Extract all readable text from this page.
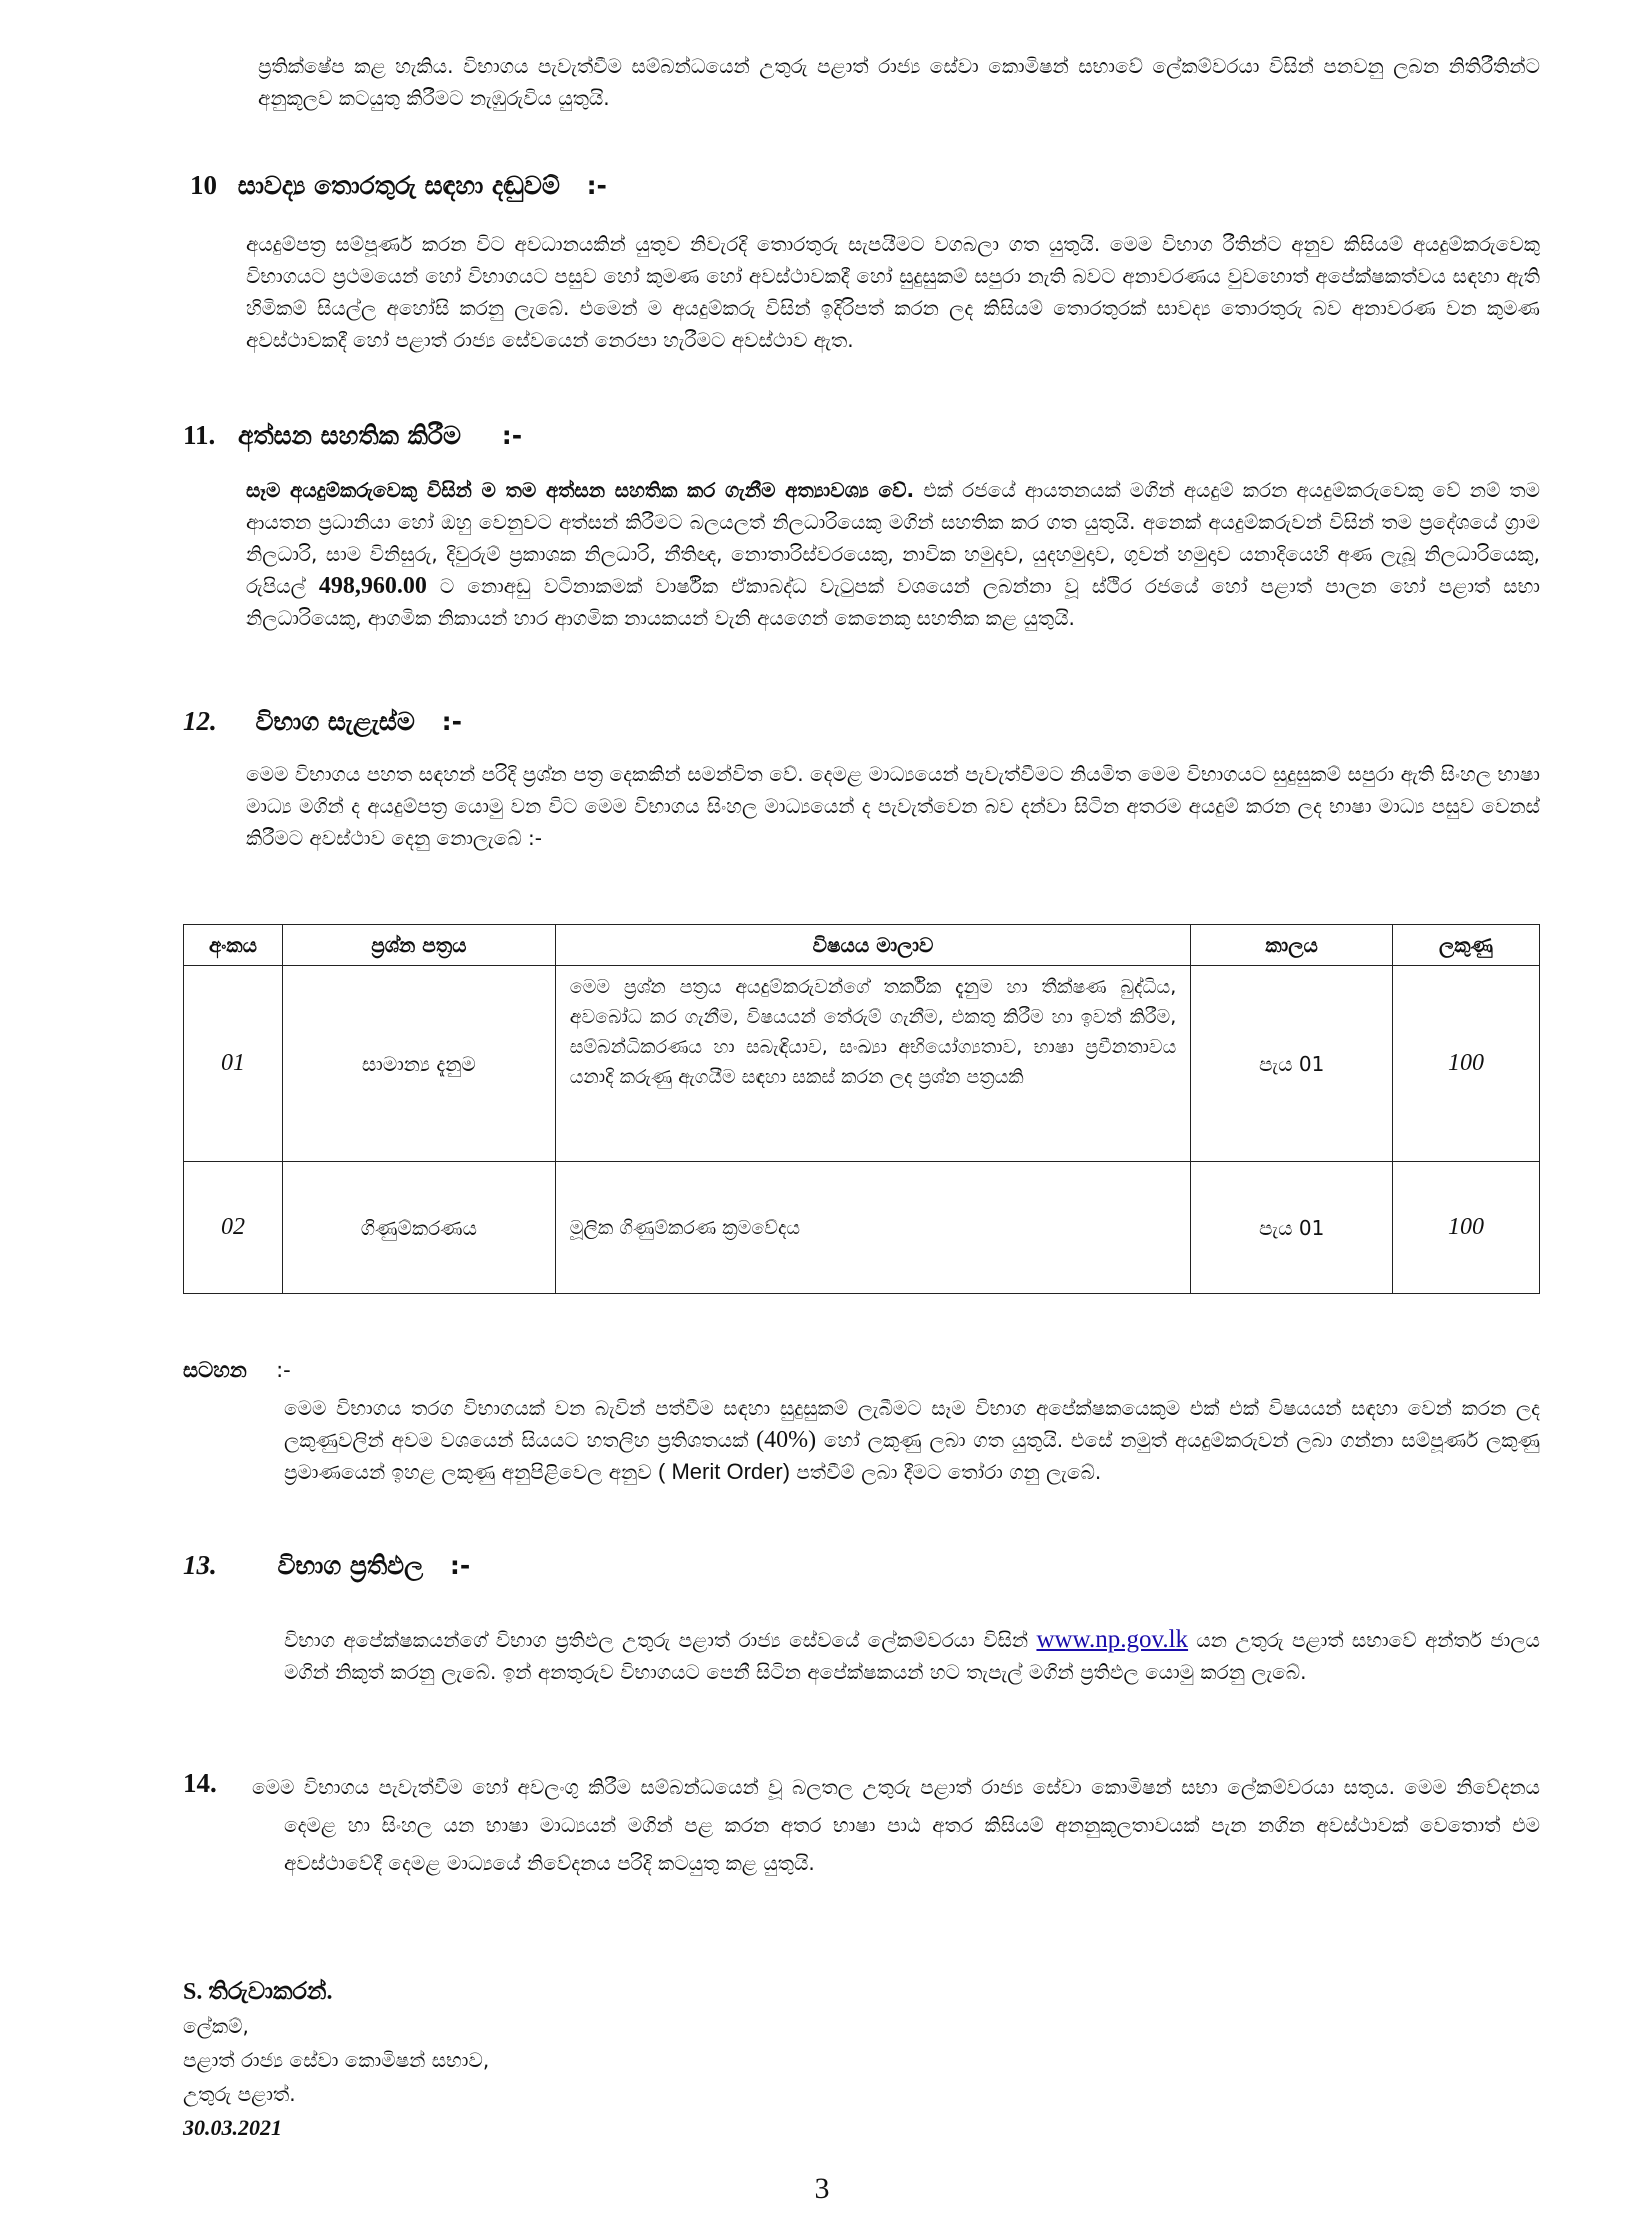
ප්‍රතික්ෂේප කළ හැකිය. විභාගය පැවැත්වීම සම්බන්ධයෙන් උතුරු පළාත් රාජ්‍ය සේවා කොමිෂන් සභාවේ ලේකම්වරයා විසින් පනවනු ලබන නිතිරීතින්ට අනුකූලව කටයුතු කිරීමට නැඹුරුවිය යුතුයි.

10 සාවද්‍ය තොරතුරු සඳහා දඬුවම් :-

අයදුම්පත්‍ර සම්පූර්ණ කරන විට අවධානයකින් යුතුව නිවැරදි තොරතුරු සැපයීමට වගබලා ගත යුතුයි. මෙම විභාග රීතින්ට අනුව කිසියම් අයදුම්කරුවෙකු විභාගයට ප්‍රථමයෙන් හෝ විභාගයට පසුව හෝ කුමණ හෝ අවස්ථාවකදී හෝ සුදුසුකම් සපුරා නැති බවට අනාවරණය වුවහොත් අපේක්ෂකත්වය සඳහා ඇති හිමිකම් සියල්ල අහෝසි කරනු ලැබේ. එමෙන් ම අයදුම්කරු විසින් ඉදිරිපත් කරන ලද කිසියම් තොරතුරක් සාවද්‍ය තොරතුරු බව අනාවරණ වන කුමණ අවස්ථාවකදී හෝ පළාත් රාජ්‍ය සේවයෙන් නෙරපා හැරීමට අවස්ථාව ඇත.

11. අත්සන සහතික කිරීම :-

සෑම අයදුම්කරුවෙකු විසින් ම තම අත්සන සහතික කර ගැනීම අත්‍යාවශ්‍ය වේ. එක් රජයේ ආයතනයක් මගින් අයදුම් කරන අයදුම්කරුවෙකු වේ නම් තම ආයතන ප්‍රධානියා හෝ ඔහු වෙනුවට අත්සන් කිරීමට බලයලත් නිලධාරියෙකු මගින් සහතික කර ගත යුතුයි. අනෙක් අයදුම්කරුවන් විසින් තම ප්‍රදේශයේ ග්‍රාම නිලධාරි, සාම විනිසුරු, දිවුරුම් ප්‍රකාශක නිලධාරි, නීතිඥ, නොතාරිස්වරයෙකු, නාවික හමුදාව, යුදහමුදාව, ගුවන් හමුදාව යනාදියෙහි අණ ලැබූ නිලධාරියෙකු, රුපියල් 498,960.00 ට නොඅඩු වටිනාකමක් වාර්ෂික ඒකාබද්ධ වැටුපක් වශයෙන් ලබන්නා වූ ස්ථිර රජයේ හෝ පළාත් පාලන හෝ පළාත් සභා නිලධාරියෙකු, ආගමික නිකායන් හාර ආගමික නායකයන් වැනි අයගෙන් කෙනෙකු සහතික කළ යුතුයි.

12. විභාග සැළැස්ම :-

මෙම විභාගය පහත සඳහන් පරිදි ප්‍රශ්න පත්‍ර දෙකකින් සමන්විත වේ. දෙමළ මාධ්‍යයෙන් පැවැත්වීමට නියමිත මෙම විභාගයට සුදුසුකම් සපුරා ඇති සිංහල භාෂා මාධ්‍ය මගින් ද අයදුම්පත්‍ර යොමු වන විට මෙම විභාගය සිංහල මාධ්‍යයෙන් ද පැවැත්වෙන බව දන්වා සිටින අතරම අයදුම් කරන ලද භාෂා මාධ්‍ය පසුව වෙනස් කිරීමට අවස්ථාව දෙනු නොලැබේ :-

අංකය	ප්‍රශ්න පත්‍රය	විෂයය මාලාව	කාලය	ලකුණු
01	සාමාන්‍ය දැනුම	මෙම ප්‍රශ්න පත්‍රය අයදුම්කරුවන්ගේ තර්කික දැනුම හා තීක්ෂණ බුද්ධිය, අවබෝධ කර ගැනීම, විෂයයන් තේරුම් ගැනීම, එකතු කිරීම හා ඉවත් කිරීම, සම්බන්ධිකරණය හා සබැඳියාව, සංඛ්‍යා අභියෝග්‍යතාව, භාෂා ප්‍රවීනතාවය යනාදි කරුණු ඇගයීම සඳහා සකස් කරන ලද ප්‍රශ්න පත්‍රයකි	පැය 01	100
02	ගිණුම්කරණය	මූලික ගිණුම්කරණ ක්‍රමවේදය	පැය 01	100

සටහන :-

මෙම විභාගය තරග විභාගයක් වන බැවින් පත්වීම සඳහා සුදුසුකම් ලැබීමට සෑම විභාග අපේක්ෂකයෙකුම එක් එක් විෂයයන් සඳහා වෙන් කරන ලද ලකුණුවලින් අවම වශයෙන් සියයට හතලිහ ප්‍රතිශතයක් (40%) හෝ ලකුණු ලබා ගත යුතුයි. එසේ නමුත් අයදුම්කරුවන් ලබා ගන්නා සම්පූර්ණ ලකුණු ප්‍රමාණයෙන් ඉහළ ලකුණු අනුපිළිවෙල අනුව ( Merit Order) පත්වීම් ලබා දීමට තෝරා ගනු ලැබේ.

13. විභාග ප්‍රතිඵල :-

විභාග අපේක්ෂකයන්ගේ විභාග ප්‍රතිඵල උතුරු පළාත් රාජ්‍ය සේවයේ ලේකම්වරයා විසින් www.np.gov.lk යන උතුරු පළාත් සභාවේ අන්තර් ජාලය මගින් නිකුත් කරනු ලැබේ. ඉන් අනතුරුව විභාගයට පෙනී සිටින අපේක්ෂකයන් හට තැපැල් මගින් ප්‍රතිඵල යොමු කරනු ලැබේ.

14. මෙම විභාගය පැවැත්වීම හෝ අවලංගු කිරීම සම්බන්ධයෙන් වූ බලතල උතුරු පළාත් රාජ්‍ය සේවා කොමිෂන් සභා ලේකම්වරයා සතුය. මෙම නිවේදනය දෙමළ හා සිංහල යන භාෂා මාධ්‍යයන් මගින් පළ කරන අතර භාෂා පාඨ අතර කිසියම් අනනුකූලතාවයක් පැන නගින අවස්ථාවක් වෙතොත් එම අවස්ථාවේදී දෙමළ මාධ්‍යයේ නිවේදනය පරිදි කටයුතු කළ යුතුයි.

S. තිරුවාකරන්.
ලේකම්,
පළාත් රාජ්‍ය සේවා කොමිෂන් සභාව,
උතුරු පළාත්.
30.03.2021
3
